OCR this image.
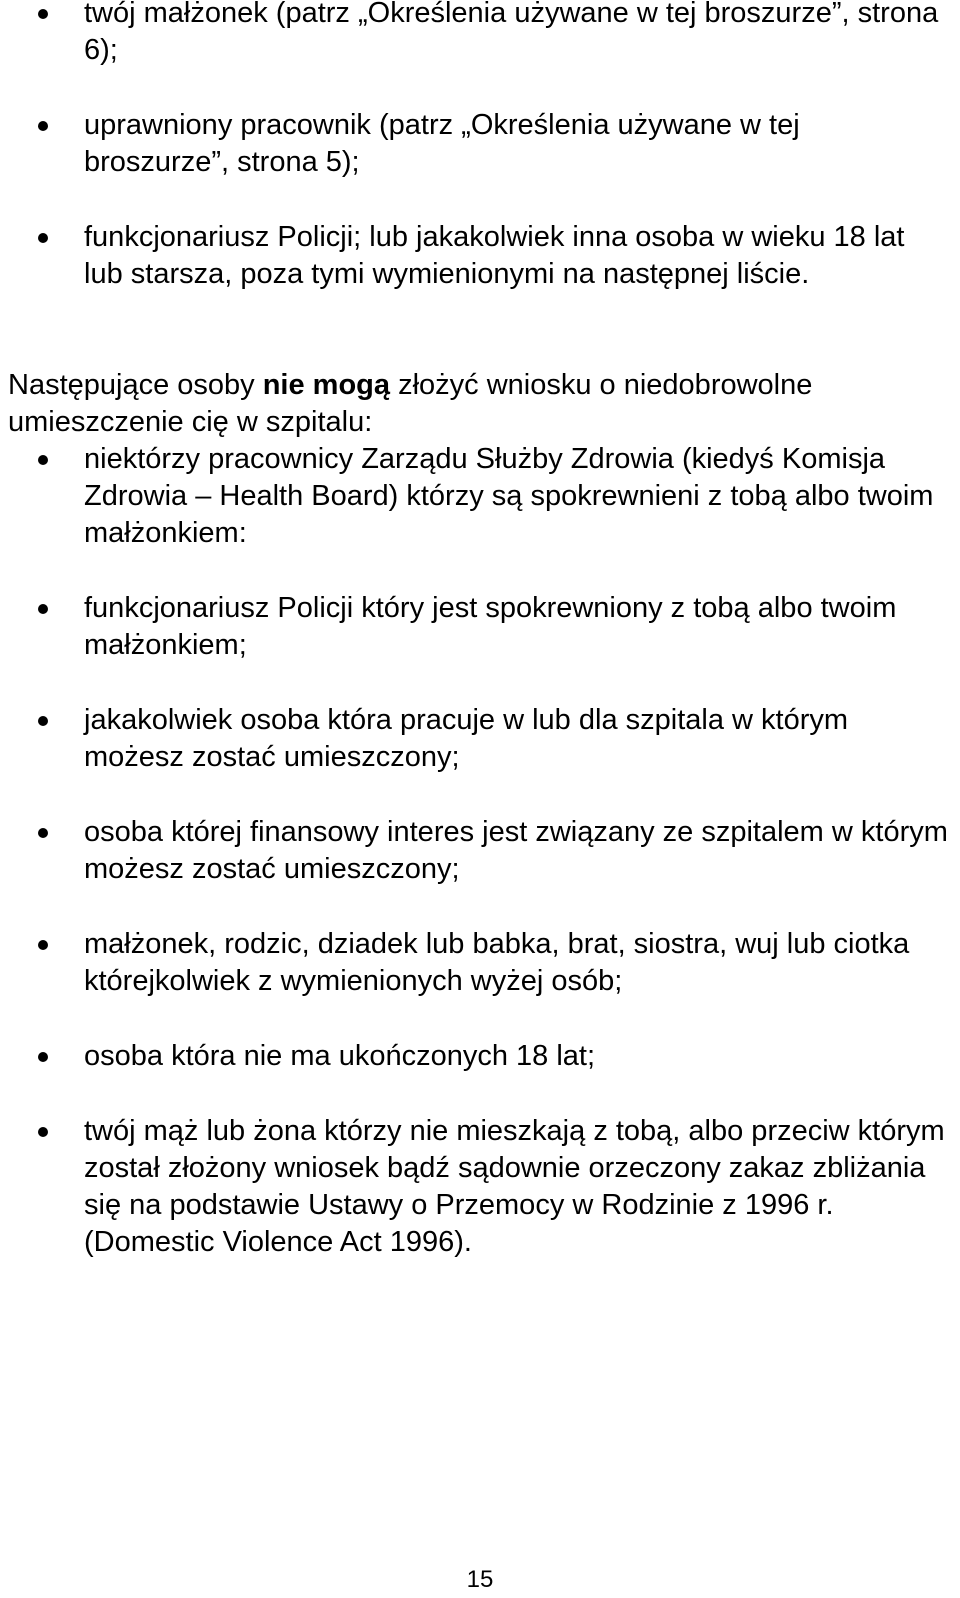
twój małżonek (patrz „Określenia używane w tej broszurze”, strona 6);
uprawniony pracownik (patrz „Określenia używane w tej broszurze”, strona 5);
funkcjonariusz Policji; lub jakakolwiek inna osoba w wieku 18 lat lub starsza, poza tymi wymienionymi na następnej liście.

Następujące osoby nie mogą złożyć wniosku o niedobrowolne umieszczenie cię w szpitalu:

niektórzy pracownicy Zarządu Służby Zdrowia (kiedyś Komisja Zdrowia – Health Board) którzy są spokrewnieni z tobą albo twoim małżonkiem:
funkcjonariusz Policji który jest spokrewniony z tobą albo twoim małżonkiem;
jakakolwiek osoba która pracuje w lub dla szpitala w którym możesz zostać umieszczony;
osoba której finansowy interes jest związany ze szpitalem w którym możesz zostać umieszczony;
małżonek, rodzic, dziadek lub babka, brat, siostra, wuj lub ciotka którejkolwiek z wymienionych wyżej osób;
osoba która nie ma ukończonych 18 lat;
twój mąż lub żona którzy nie mieszkają z tobą, albo przeciw którym został złożony wniosek bądź sądownie orzeczony zakaz zbliżania się na podstawie Ustawy o Przemocy w Rodzinie z 1996 r. (Domestic Violence Act 1996).
15
